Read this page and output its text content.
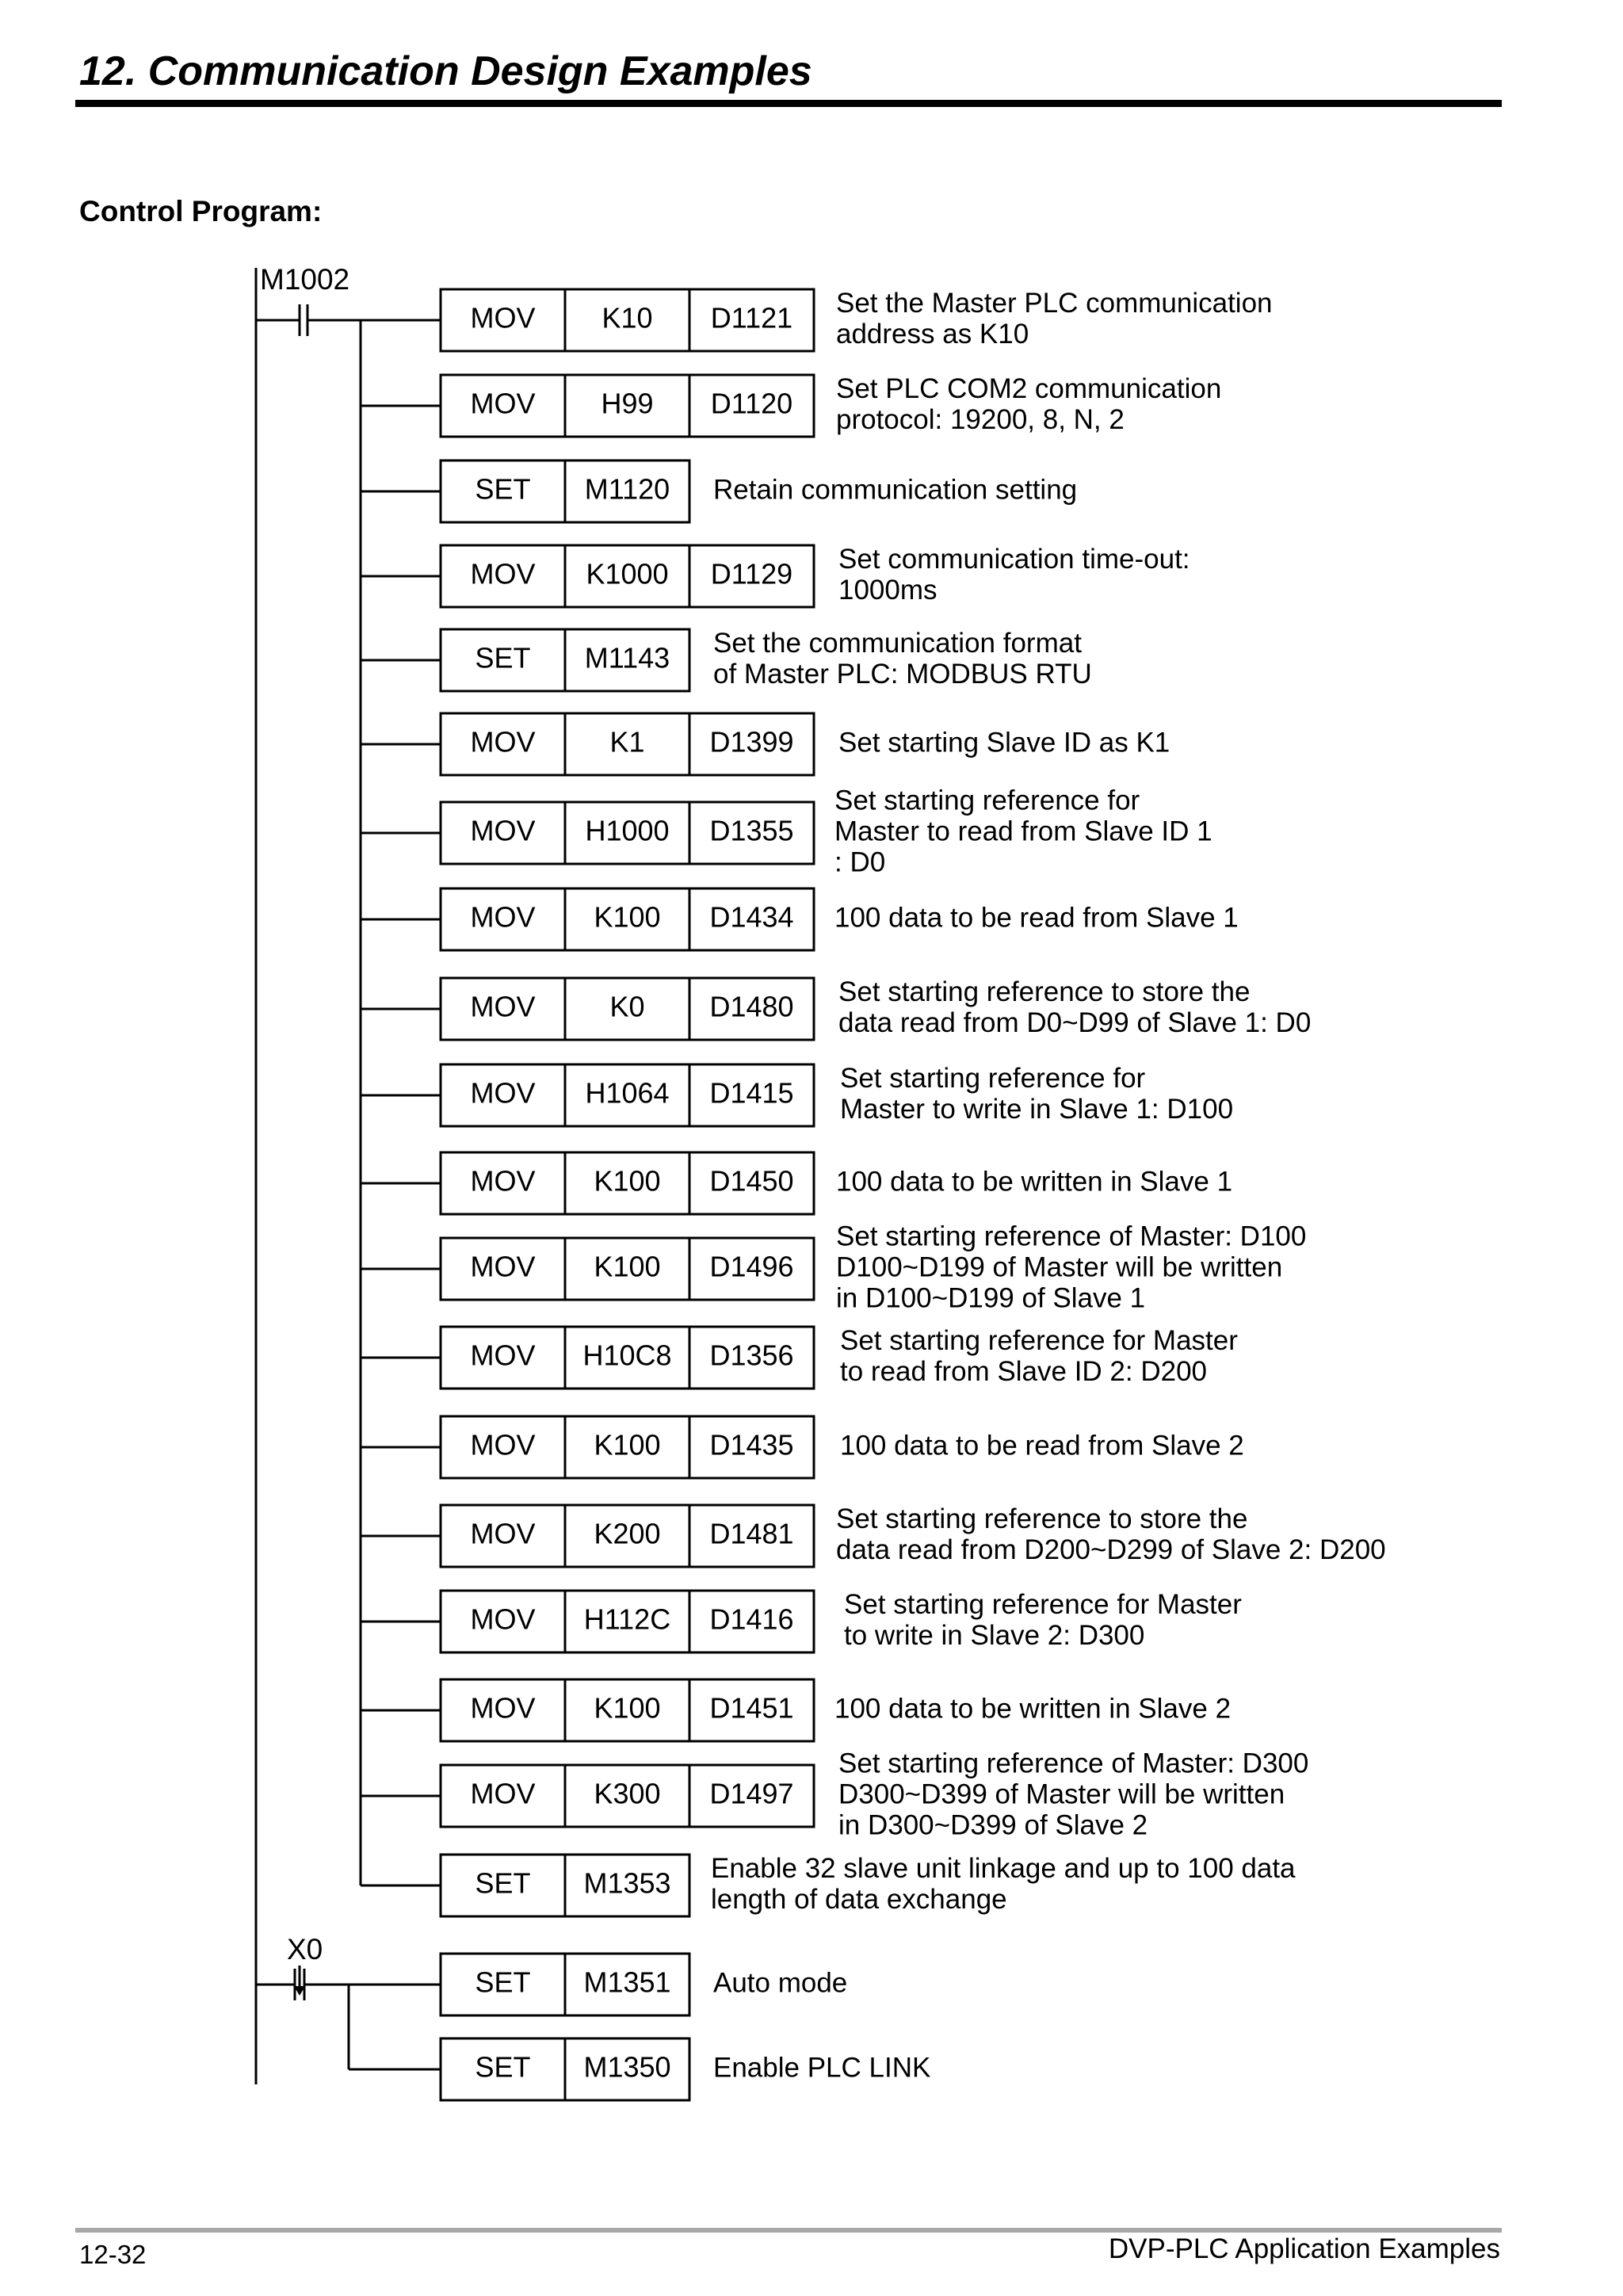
12. Communication Design Examples
Control Program:
M1002
MOV K10 D1121 Set the Master PLC communication
address as K10
MOV H99 D1120 Set PLC COM2 communication
protocol: 19200, 8, N, 2
SET M1120 Retain communication setting
MOV K1000 D1129 Set communication time-out:
1000ms
SET M1143 Set the communication format
of Master PLC: MODBUS RTU
MOV	K1 D1399 Set starting Slave ID as K1
MOV H1000 D1355
Set starting reference for
Master to read from Slave ID 1
: D0
MOV K100 D1434 100 data to be read from Slave 1
MOV	K0 D1480 Set starting reference to store the
data read from D0~D99 of Slave 1: D0
MOV H1064 D1415 Set starting reference for
Master to write in Slave 1: D100
MOV K100 D1450 100 data to be written in Slave 1
MOV K100 D1496
Set starting reference of Master: D100
D100~D199 of Master will be written
in D100~D199 of Slave 1
MOV H10C8 D1356 Set starting reference for Master
to read from Slave ID 2: D200
MOV K100 D1435 100 data to be read from Slave 2
MOV K200 D1481 Set starting reference to store the
data read from D200~D299 of Slave 2: D200
MOV H112C D1416 Set starting reference for Master
to write in Slave 2: D300
MOV K100 D1451 100 data to be written in Slave 2
MOV K300 D1497
Set starting reference of Master: D300
D300~D399 of Master will be written
in D300~D399 of Slave 2
SET M1353 Enable 32 slave unit linkage and up to 100 data
length of data exchange
X0
SET M1351 Auto mode
SET M1350 Enable PLC LINK
12-32	DVP-PLC Application Examples
